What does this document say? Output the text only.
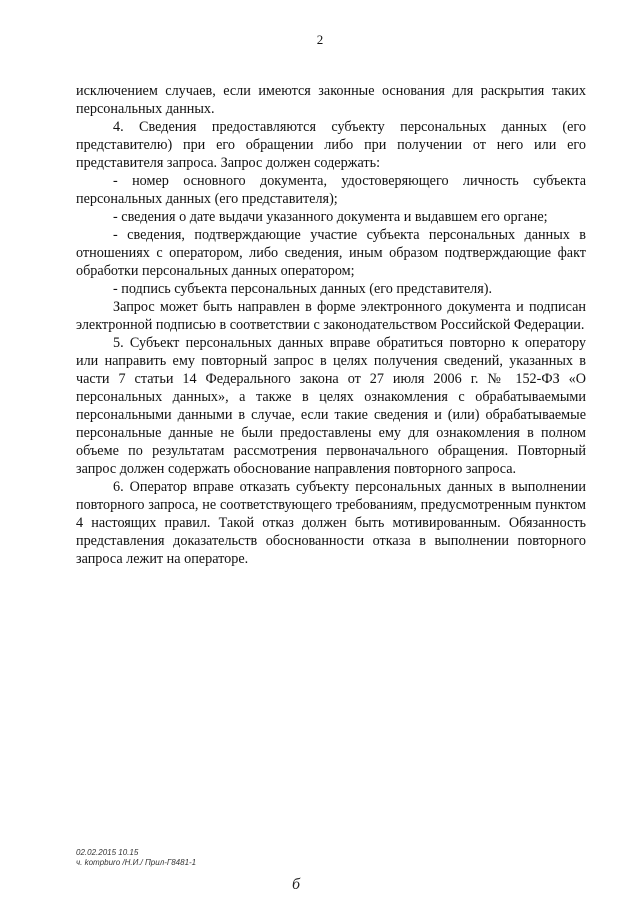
2

исключением случаев, если имеются законные основания для раскрытия таких персональных данных.

4. Сведения предоставляются субъекту персональных данных (его представителю) при его обращении либо при получении от него или его представителя запроса. Запрос должен содержать:

- номер основного документа, удостоверяющего личность субъекта персональных данных (его представителя);

- сведения о дате выдачи указанного документа и выдавшем его органе;

- сведения, подтверждающие участие субъекта персональных данных в отношениях с оператором, либо сведения, иным образом подтверждающие факт обработки персональных данных оператором;

- подпись субъекта персональных данных (его представителя).

Запрос может быть направлен в форме электронного документа и подписан электронной подписью в соответствии с законодательством Российской Федерации.

5. Субъект персональных данных вправе обратиться повторно к оператору или направить ему повторный запрос в целях получения сведений, указанных в части 7 статьи 14 Федерального закона от 27 июля 2006 г. № 152-ФЗ «О персональных данных», а также в целях ознакомления с обрабатываемыми персональными данными в случае, если такие сведения и (или) обрабатываемые персональные данные не были предоставлены ему для ознакомления в полном объеме по результатам рассмотрения первоначального обращения. Повторный запрос должен содержать обоснование направления повторного запроса.

6. Оператор вправе отказать субъекту персональных данных в выполнении повторного запроса, не соответствующего требованиям, предусмотренным пунктом 4 настоящих правил. Такой отказ должен быть мотивированным. Обязанность представления доказательств обоснованности отказа в выполнении повторного запроса лежит на операторе.

02.02.2015 10.15
ч. kompburo /Н.И./ Прил-Г8481-1
б
